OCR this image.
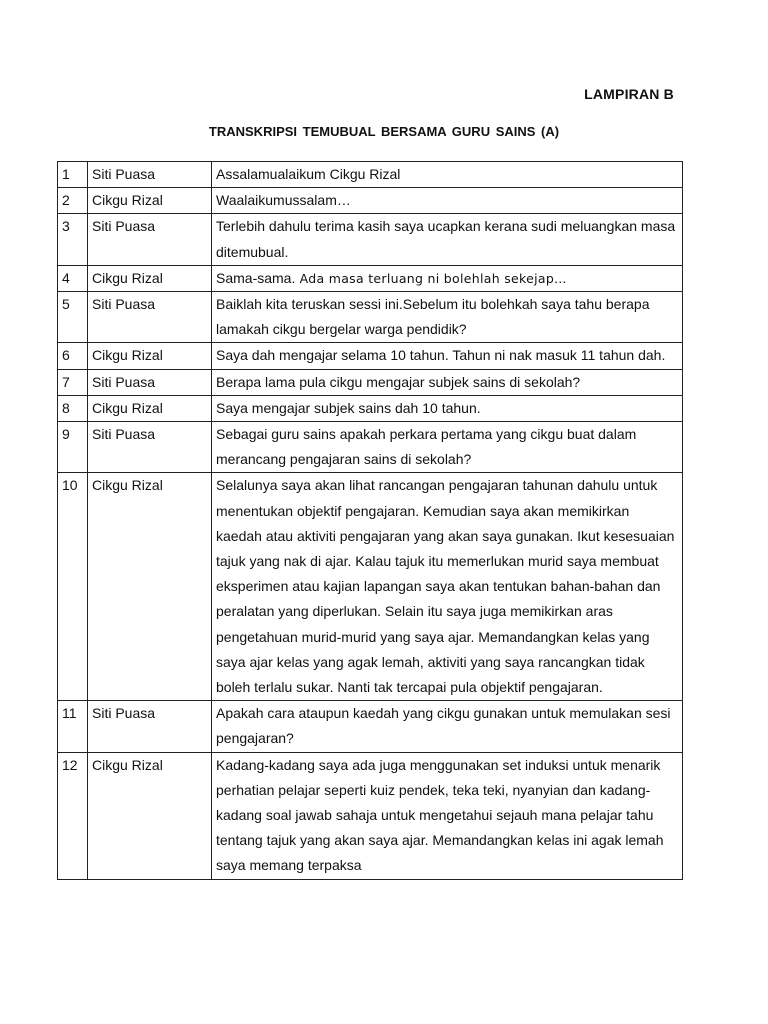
LAMPIRAN B
TRANSKRIPSI TEMUBUAL BERSAMA GURU SAINS (A)
1	Siti Puasa	Assalamualaikum Cikgu Rizal
2	Cikgu Rizal	Waalaikumussalam…
3	Siti Puasa	Terlebih dahulu terima kasih saya ucapkan kerana sudi meluangkan masa ditemubual.
4	Cikgu Rizal	Sama-sama. Ada masa terluang ni bolehlah sekejap…
5	Siti Puasa	Baiklah kita teruskan sessi ini.Sebelum itu bolehkah saya tahu berapa lamakah cikgu bergelar warga pendidik?
6	Cikgu Rizal	Saya dah mengajar selama 10 tahun. Tahun ni nak masuk 11 tahun dah.
7	Siti Puasa	Berapa lama pula cikgu mengajar subjek sains di sekolah?
8	Cikgu Rizal	Saya mengajar subjek sains dah 10 tahun.
9	Siti Puasa	Sebagai guru sains apakah perkara pertama yang cikgu buat dalam merancang pengajaran sains di sekolah?
10	Cikgu Rizal	Selalunya saya akan lihat rancangan pengajaran tahunan dahulu untuk menentukan objektif pengajaran. Kemudian saya akan memikirkan kaedah atau aktiviti pengajaran yang akan saya gunakan. Ikut kesesuaian tajuk yang nak di ajar. Kalau tajuk itu memerlukan murid saya membuat eksperimen atau kajian lapangan saya akan tentukan bahan-bahan dan peralatan yang diperlukan. Selain itu saya juga memikirkan aras pengetahuan murid-murid yang saya ajar. Memandangkan kelas yang saya ajar kelas yang agak lemah, aktiviti yang saya rancangkan tidak boleh terlalu sukar. Nanti tak tercapai pula objektif pengajaran.
11	Siti Puasa	Apakah cara ataupun kaedah yang cikgu gunakan untuk memulakan sesi pengajaran?
12	Cikgu Rizal	Kadang-kadang saya ada juga menggunakan set induksi untuk menarik perhatian pelajar seperti kuiz pendek, teka teki, nyanyian dan kadang-kadang soal jawab sahaja untuk mengetahui sejauh mana pelajar tahu tentang tajuk yang akan saya ajar. Memandangkan kelas ini agak lemah saya memang terpaksa
